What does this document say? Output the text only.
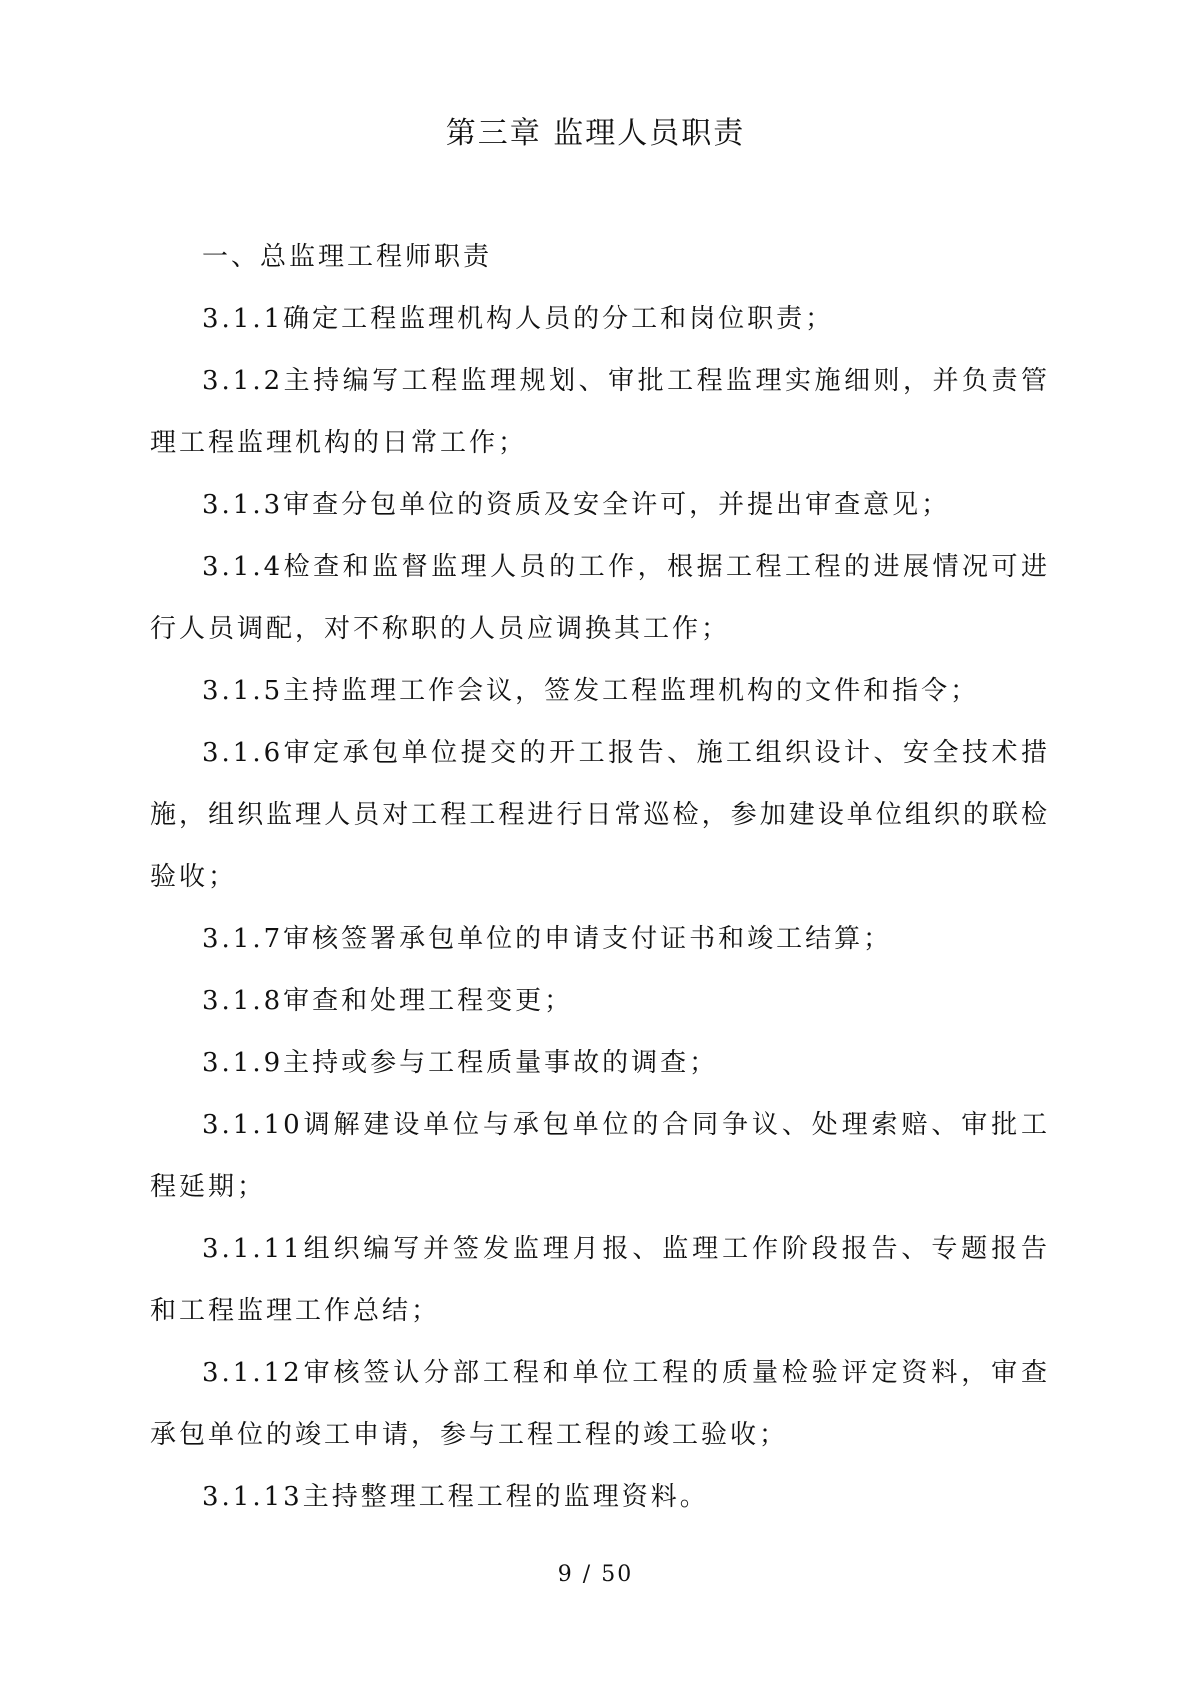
第三章 监理人员职责

一、总监理工程师职责

3.1.1确定工程监理机构人员的分工和岗位职责；

3.1.2主持编写工程监理规划、审批工程监理实施细则，并负责管理工程监理机构的日常工作；

3.1.3审查分包单位的资质及安全许可，并提出审查意见；

3.1.4检查和监督监理人员的工作，根据工程工程的进展情况可进行人员调配，对不称职的人员应调换其工作；

3.1.5主持监理工作会议，签发工程监理机构的文件和指令；

3.1.6审定承包单位提交的开工报告、施工组织设计、安全技术措施，组织监理人员对工程工程进行日常巡检，参加建设单位组织的联检验收；

3.1.7审核签署承包单位的申请支付证书和竣工结算；

3.1.8审查和处理工程变更；

3.1.9主持或参与工程质量事故的调查；

3.1.10调解建设单位与承包单位的合同争议、处理索赔、审批工程延期；

3.1.11组织编写并签发监理月报、监理工作阶段报告、专题报告和工程监理工作总结；

3.1.12审核签认分部工程和单位工程的质量检验评定资料，审查承包单位的竣工申请，参与工程工程的竣工验收；

3.1.13主持整理工程工程的监理资料。

9 / 50
